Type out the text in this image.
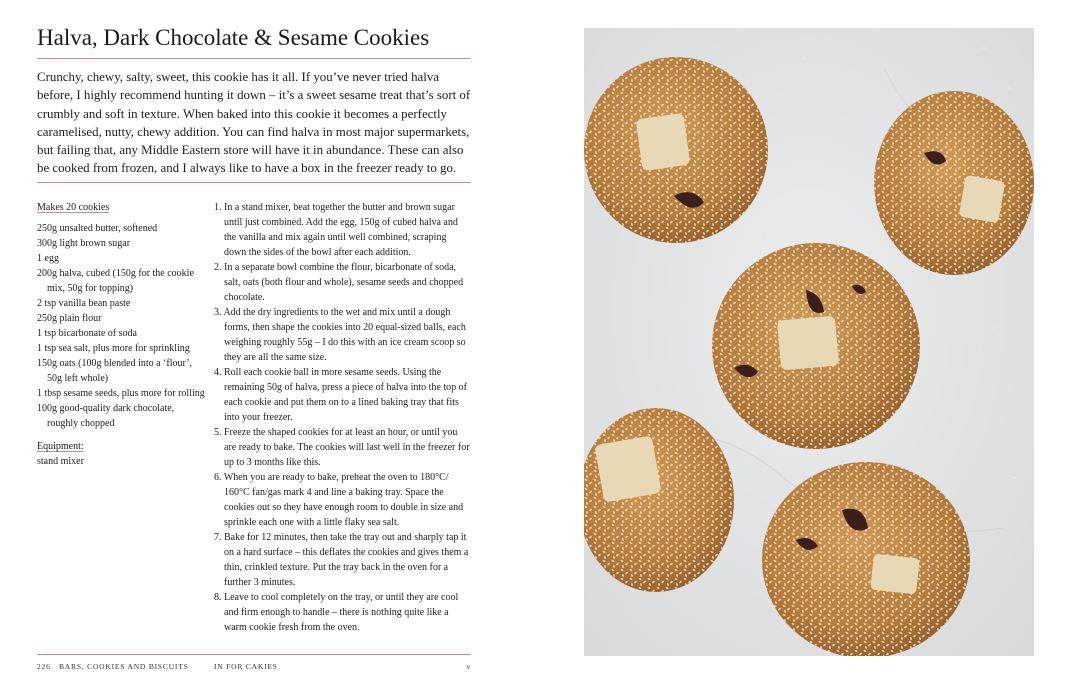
Halva, Dark Chocolate & Sesame Cookies

Crunchy, chewy, salty, sweet, this cookie has it all. If you’ve never tried halva before, I highly recommend hunting it down – it’s a sweet sesame treat that’s sort of crumbly and soft in texture. When baked into this cookie it becomes a perfectly caramelised, nutty, chewy addition. You can find halva in most major supermarkets, but failing that, any Middle Eastern store will have it in abundance. These can also be cooked from frozen, and I always like to have a box in the freezer ready to go.

Makes 20 cookies
250g unsalted butter, softened
300g light brown sugar
1 egg
200g halva, cubed (150g for the cookie mix, 50g for topping)
2 tsp vanilla bean paste
250g plain flour
1 tsp bicarbonate of soda
1 tsp sea salt, plus more for sprinkling
150g oats (100g blended into a ‘flour’, 50g left whole)
1 tbsp sesame seeds, plus more for rolling
100g good-quality dark chocolate, roughly chopped
Equipment:
stand mixer
1. In a stand mixer, beat together the butter and brown sugar until just combined. Add the egg, 150g of cubed halva and the vanilla and mix again until well combined, scraping down the sides of the bowl after each addition.
2. In a separate bowl combine the flour, bicarbonate of soda, salt, oats (both flour and whole), sesame seeds and chopped chocolate.
3. Add the dry ingredients to the wet and mix until a dough forms, then shape the cookies into 20 equal-sized balls, each weighing roughly 55g – I do this with an ice cream scoop so they are all the same size.
4. Roll each cookie ball in more sesame seeds. Using the remaining 50g of halva, press a piece of halva into the top of each cookie and put them on to a lined baking tray that fits into your freezer.
5. Freeze the shaped cookies for at least an hour, or until you are ready to bake. The cookies will last well in the freezer for up to 3 months like this.
6. When you are ready to bake, preheat the oven to 180°C/ 160°C fan/gas mark 4 and line a baking tray. Space the cookies out so they have enough room to double in size and sprinkle each one with a little flaky sea salt.
7. Bake for 12 minutes, then take the tray out and sharply tap it on a hard surface – this deflates the cookies and gives them a thin, crinkled texture. Put the tray back in the oven for a further 3 minutes.
8. Leave to cool completely on the tray, or until they are cool and firm enough to handle – there is nothing quite like a warm cookie fresh from the oven.
226 BARS, COOKIES AND BISCUITS	IN FOR CAKIES	v
